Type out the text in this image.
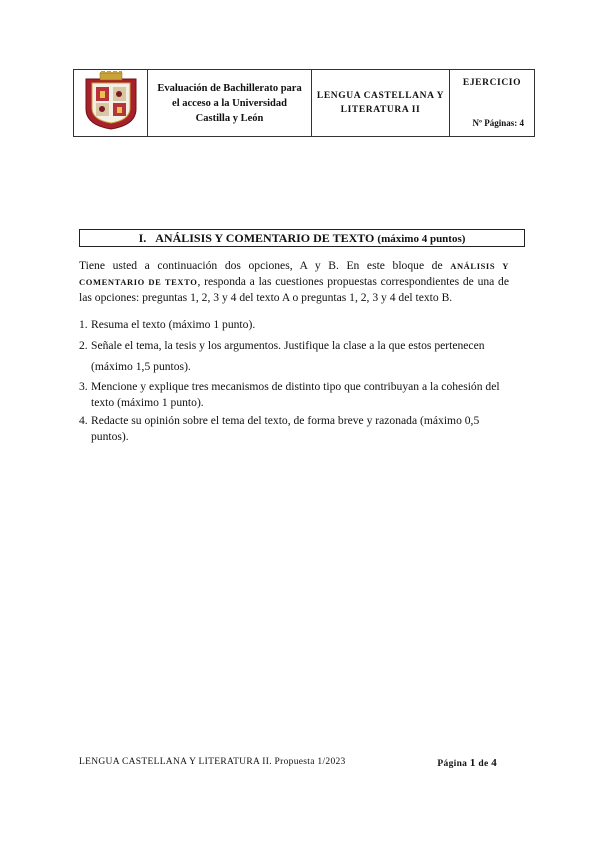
Evaluación de Bachillerato para
el acceso a la Universidad
Castilla y León

LENGUA CASTELLANA Y
LITERATURA II

EJERCICIO
Nº Páginas: 4
I. ANÁLISIS Y COMENTARIO DE TEXTO (máximo 4 puntos)
Tiene usted a continuación dos opciones, A y B. En este bloque de ANÁLISIS Y COMENTARIO DE TEXTO, responda a las cuestiones propuestas correspondientes de una de las opciones: preguntas 1, 2, 3 y 4 del texto A o preguntas 1, 2, 3 y 4 del texto B.
1. Resuma el texto (máximo 1 punto).
2. Señale el tema, la tesis y los argumentos. Justifique la clase a la que estos pertenecen (máximo 1,5 puntos).
3. Mencione y explique tres mecanismos de distinto tipo que contribuyan a la cohesión del texto (máximo 1 punto).
4. Redacte su opinión sobre el tema del texto, de forma breve y razonada (máximo 0,5 puntos).
LENGUA CASTELLANA Y LITERATURA II. Propuesta 1/2023	Página 1 de 4
